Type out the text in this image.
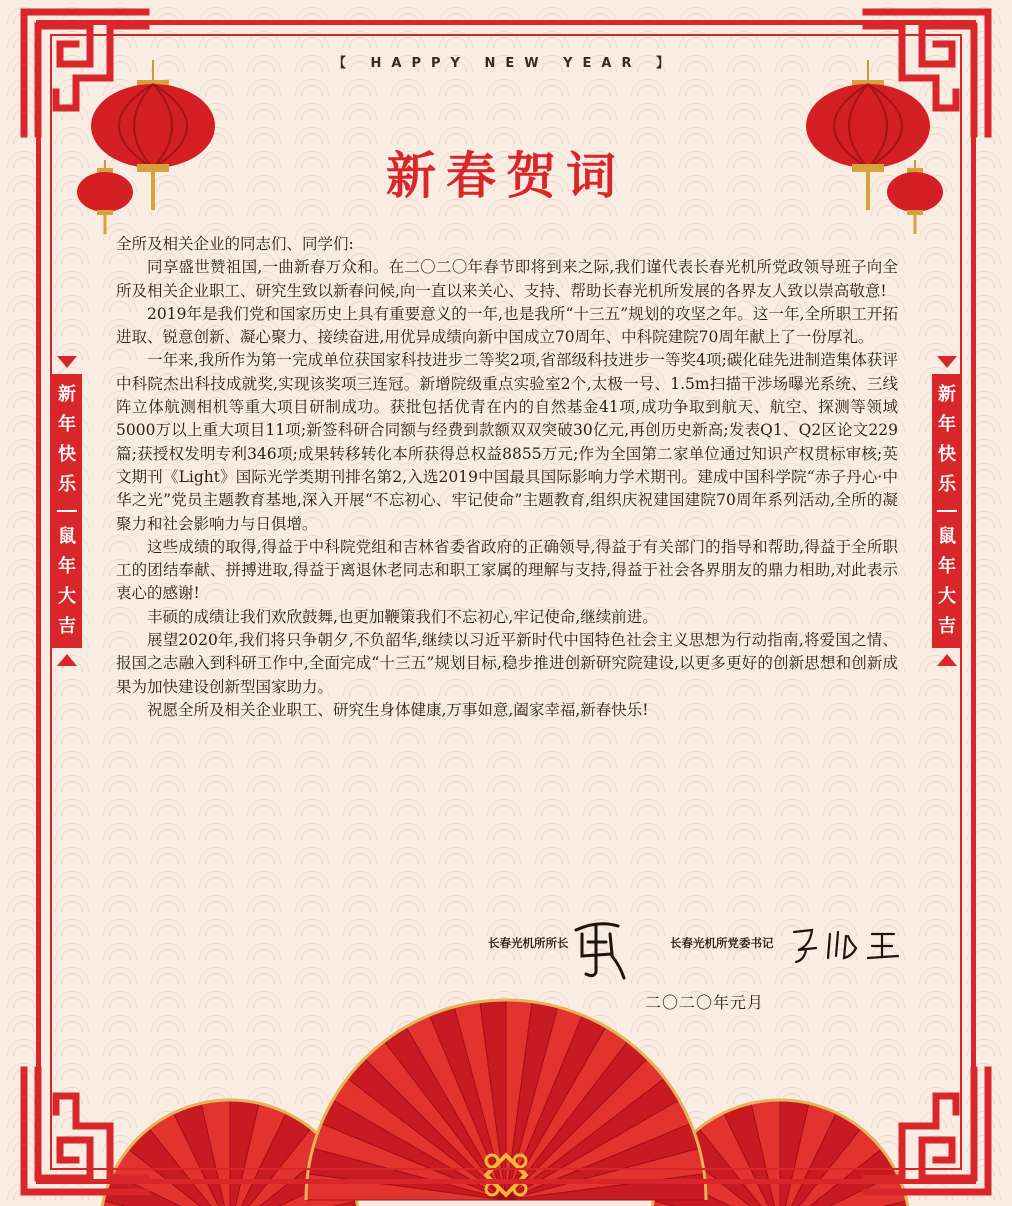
【 HAPPY NEW YEAR 】
新春贺词
新
年
快
乐
鼠
年
大
吉
新
年
快
乐
鼠
年
大
吉

全所及相关企业的同志们、同学们:

同享盛世赞祖国,一曲新春万众和。在二〇二〇年春节即将到来之际,我们谨代表长春光机所党政领导班子向全所及相关企业职工、研究生致以新春问候,向一直以来关心、支持、帮助长春光机所发展的各界友人致以崇高敬意!

2019年是我们党和国家历史上具有重要意义的一年,也是我所“十三五”规划的攻坚之年。这一年,全所职工开拓进取、锐意创新、凝心聚力、接续奋进,用优异成绩向新中国成立70周年、中科院建院70周年献上了一份厚礼。

一年来,我所作为第一完成单位获国家科技进步二等奖2项,省部级科技进步一等奖4项;碳化硅先进制造集体获评中科院杰出科技成就奖,实现该奖项三连冠。新增院级重点实验室2个,太极一号、1.5m扫描干涉场曝光系统、三线阵立体航测相机等重大项目研制成功。获批包括优青在内的自然基金41项,成功争取到航天、航空、探测等领域5000万以上重大项目11项;新签科研合同额与经费到款额双双突破30亿元,再创历史新高;发表Q1、Q2区论文229篇;获授权发明专利346项;成果转移转化本所获得总权益8855万元;作为全国第二家单位通过知识产权贯标审核;英文期刊《Light》国际光学类期刊排名第2,入选2019中国最具国际影响力学术期刊。建成中国科学院“赤子丹心·中华之光”党员主题教育基地,深入开展“不忘初心、牢记使命”主题教育,组织庆祝建国建院70周年系列活动,全所的凝聚力和社会影响力与日俱增。

这些成绩的取得,得益于中科院党组和吉林省委省政府的正确领导,得益于有关部门的指导和帮助,得益于全所职工的团结奉献、拼搏进取,得益于离退休老同志和职工家属的理解与支持,得益于社会各界朋友的鼎力相助,对此表示衷心的感谢!

丰硕的成绩让我们欢欣鼓舞,也更加鞭策我们不忘初心,牢记使命,继续前进。

展望2020年,我们将只争朝夕,不负韶华,继续以习近平新时代中国特色社会主义思想为行动指南,将爱国之情、报国之志融入到科研工作中,全面完成“十三五”规划目标,稳步推进创新研究院建设,以更多更好的创新思想和创新成果为加快建设创新型国家助力。

祝愿全所及相关企业职工、研究生身体健康,万事如意,阖家幸福,新春快乐!

长春光机所所长	长春光机所党委书记
二〇二〇年元月
